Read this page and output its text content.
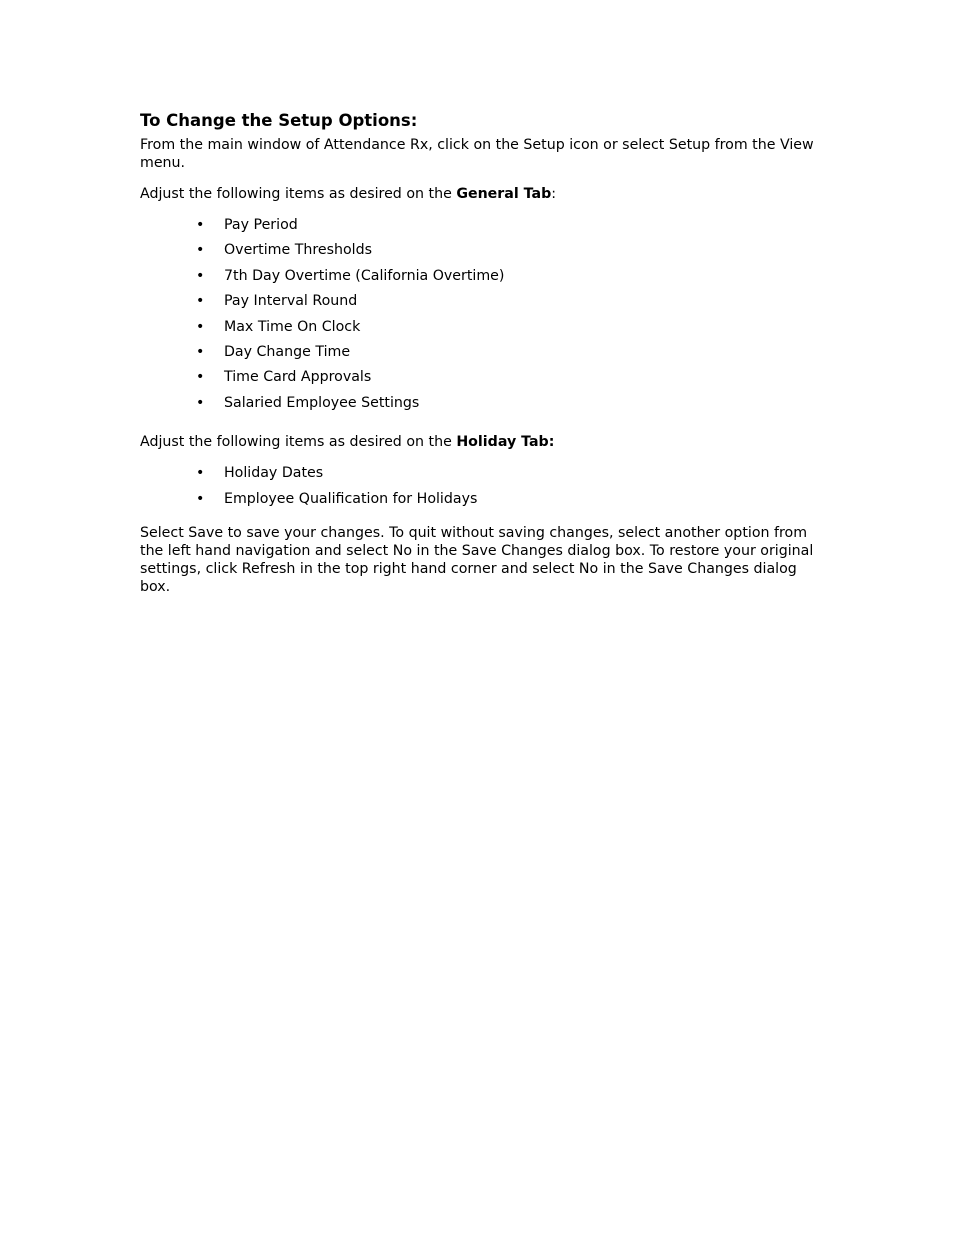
To Change the Setup Options:

From the main window of Attendance Rx, click on the Setup icon or select Setup from the View menu.

Adjust the following items as desired on the General Tab:

• Pay Period
• Overtime Thresholds
• 7th Day Overtime (California Overtime)
• Pay Interval Round
• Max Time On Clock
• Day Change Time
• Time Card Approvals
• Salaried Employee Settings

Adjust the following items as desired on the Holiday Tab:

• Holiday Dates
• Employee Qualification for Holidays

Select Save to save your changes. To quit without saving changes, select another option from the left hand navigation and select No in the Save Changes dialog box. To restore your original settings, click Refresh in the top right hand corner and select No in the Save Changes dialog box.
